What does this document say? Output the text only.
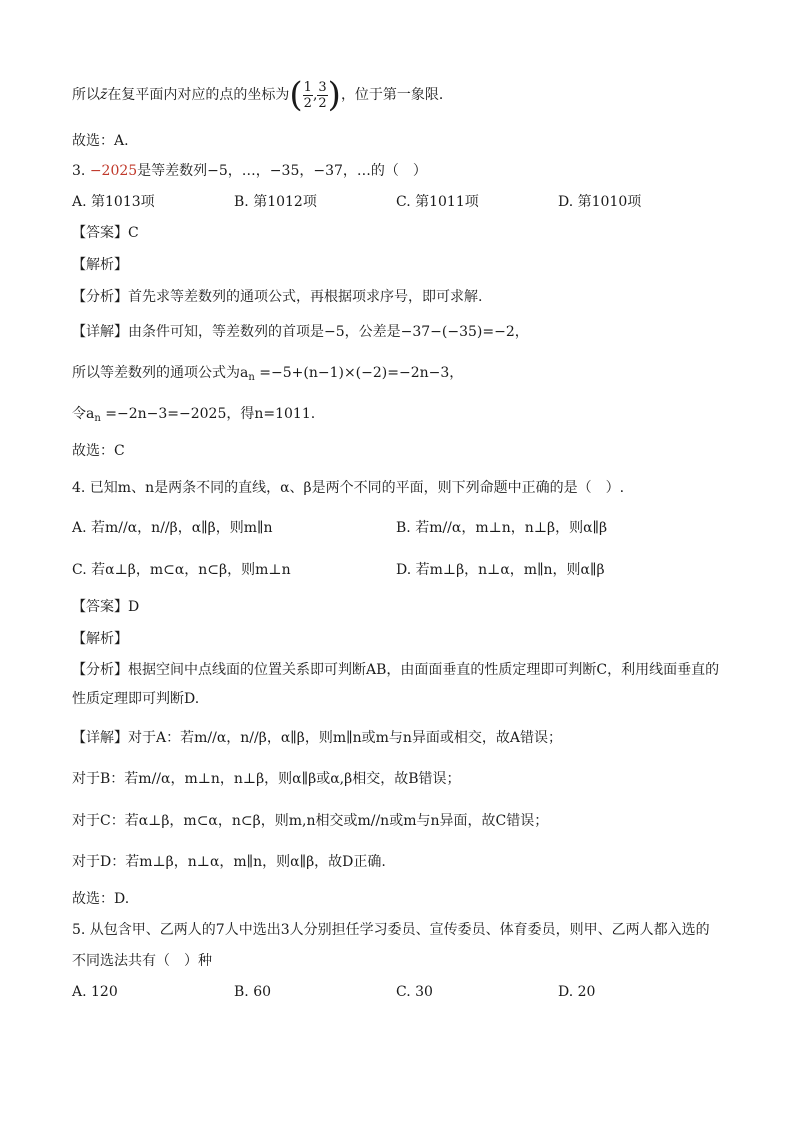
所以z̄在复平面内对应的点的坐标为( $\frac{1}{2}$ , $\frac{3}{2}$ )，位于第一象限．
故选：A.
3. −2025是等差数列−5，…，−35，−37，…的（　）
A. 第1013项	B. 第1012项	C. 第1011项	D. 第1010项
【答案】C
【解析】
【分析】首先求等差数列的通项公式，再根据项求序号，即可求解.
【详解】由条件可知，等差数列的首项是−5，公差是−37−(−35)=−2，
所以等差数列的通项公式为$a_n =-5+(n-1)\times(-2)=-2n-3$，
令$a_n =-2n-3=-2025$，得n=1011.
故选：C
4. 已知m、n是两条不同的直线，α、β是两个不同的平面，则下列命题中正确的是（　）.
A. 若m//α，n//β，α∥β，则m∥n	B. 若m//α，m⊥n，n⊥β，则α∥β
C. 若α⊥β，m⊂α，n⊂β，则m⊥n	D. 若m⊥β，n⊥α，m∥n，则α∥β
【答案】D
【解析】
【分析】根据空间中点线面的位置关系即可判断AB，由面面垂直的性质定理即可判断C，利用线面垂直的
性质定理即可判断D.
【详解】对于A：若m//α，n//β，α∥β，则m∥n或m与n异面或相交，故A错误；
对于B：若m//α，m⊥n，n⊥β，则α∥β或α,β相交，故B错误；
对于C：若α⊥β，m⊂α，n⊂β，则m,n相交或m//n或m与n异面，故C错误；
对于D：若m⊥β，n⊥α，m∥n，则α∥β，故D正确.
故选：D.
5. 从包含甲、乙两人的7人中选出3人分别担任学习委员、宣传委员、体育委员，则甲、乙两人都入选的
不同选法共有（　）种
A. 120	B. 60	C. 30	D. 20
